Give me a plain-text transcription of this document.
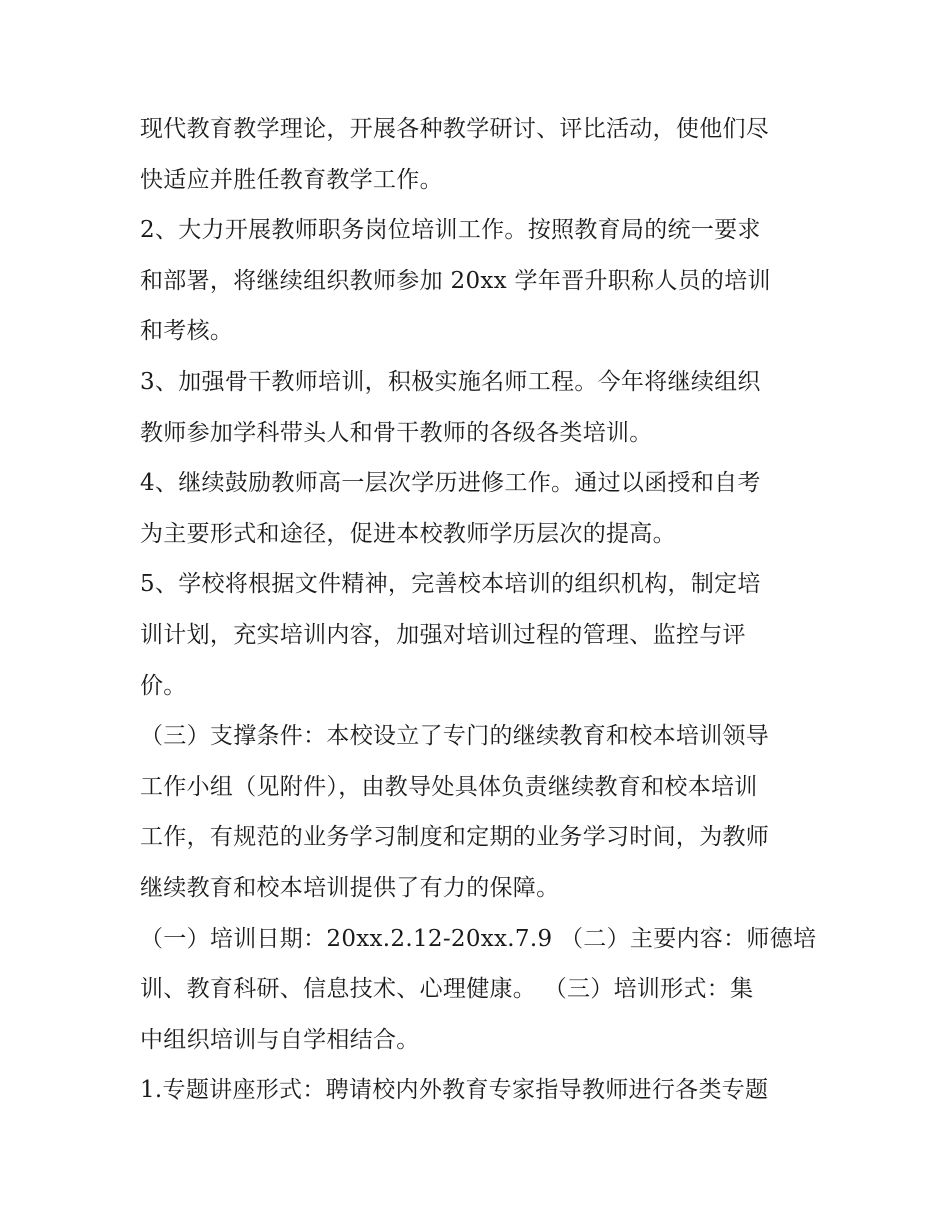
现代教育教学理论，开展各种教学研讨、评比活动，使他们尽
快适应并胜任教育教学工作。
2、大力开展教师职务岗位培训工作。按照教育局的统一要求
和部署，将继续组织教师参加 20xx 学年晋升职称人员的培训
和考核。
3、加强骨干教师培训，积极实施名师工程。今年将继续组织
教师参加学科带头人和骨干教师的各级各类培训。
4、继续鼓励教师高一层次学历进修工作。通过以函授和自考
为主要形式和途径，促进本校教师学历层次的提高。
5、学校将根据文件精神，完善校本培训的组织机构，制定培
训计划，充实培训内容，加强对培训过程的管理、监控与评
价。
（三）支撑条件：本校设立了专门的继续教育和校本培训领导
工作小组（见附件），由教导处具体负责继续教育和校本培训
工作，有规范的业务学习制度和定期的业务学习时间，为教师
继续教育和校本培训提供了有力的保障。
（一）培训日期：20xx.2.12-20xx.7.9 （二）主要内容：师德培
训、教育科研、信息技术、心理健康。 （三）培训形式：集
中组织培训与自学相结合。
1.专题讲座形式：聘请校内外教育专家指导教师进行各类专题
